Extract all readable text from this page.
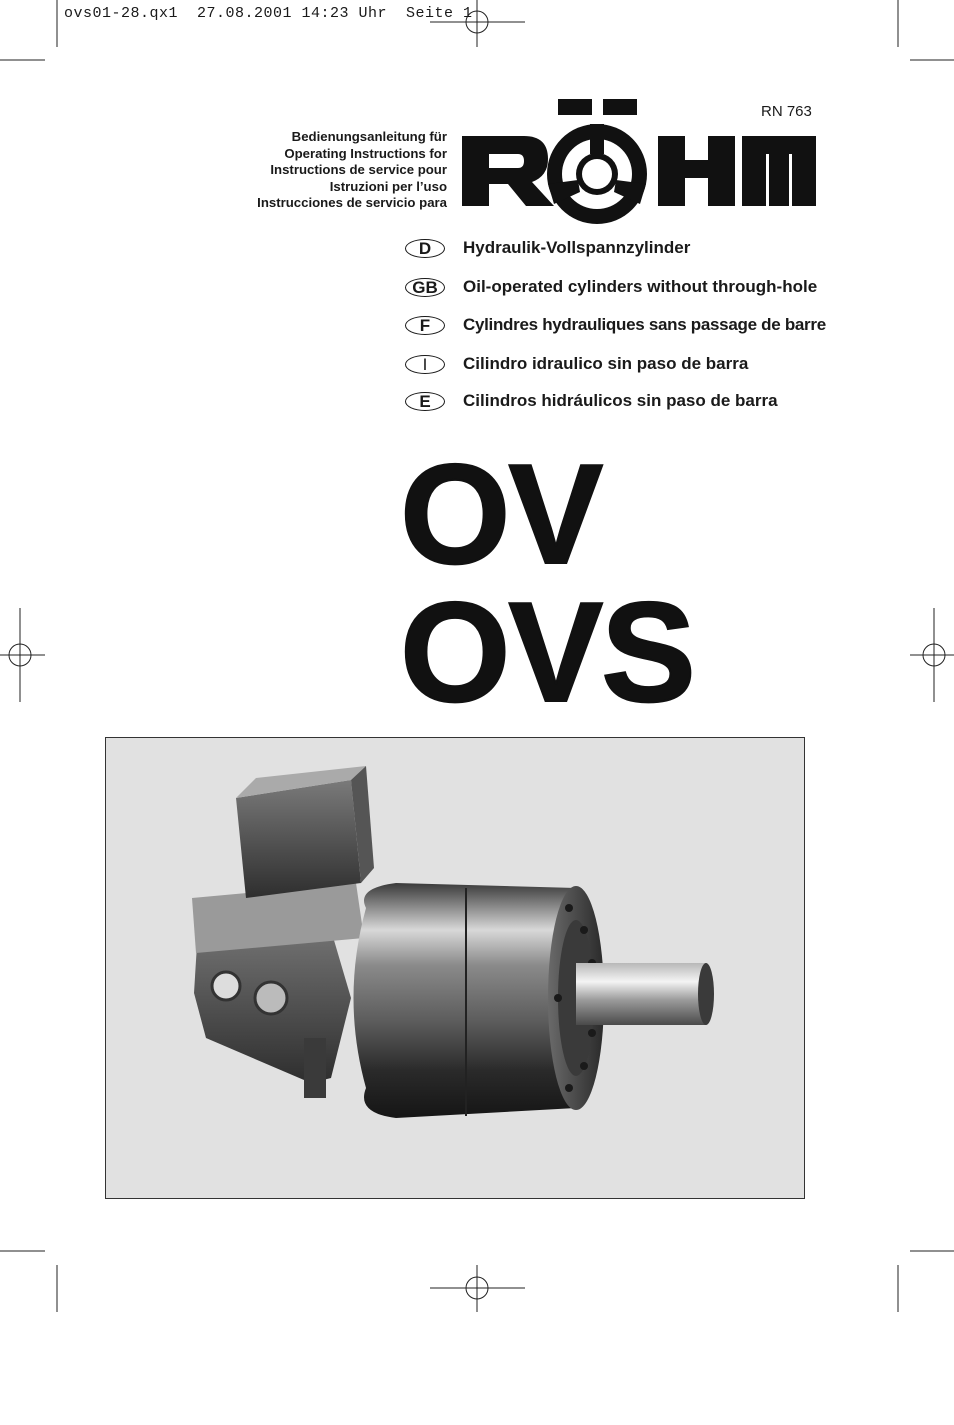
ovs01-28.qx1  27.08.2001 14:23 Uhr  Seite 1
RN 763
Bedienungsanleitung für
Operating Instructions for
Instructions de service pour
Istruzioni per l’uso
Instrucciones de servicio para
D	Hydraulik-Vollspannzylinder
GB	Oil-operated cylinders without through-hole
F	Cylindres hydrauliques sans passage de barre
I	Cilindro idraulico sin paso de barra
E	Cilindros hidráulicos sin paso de barra
OV
OVS
